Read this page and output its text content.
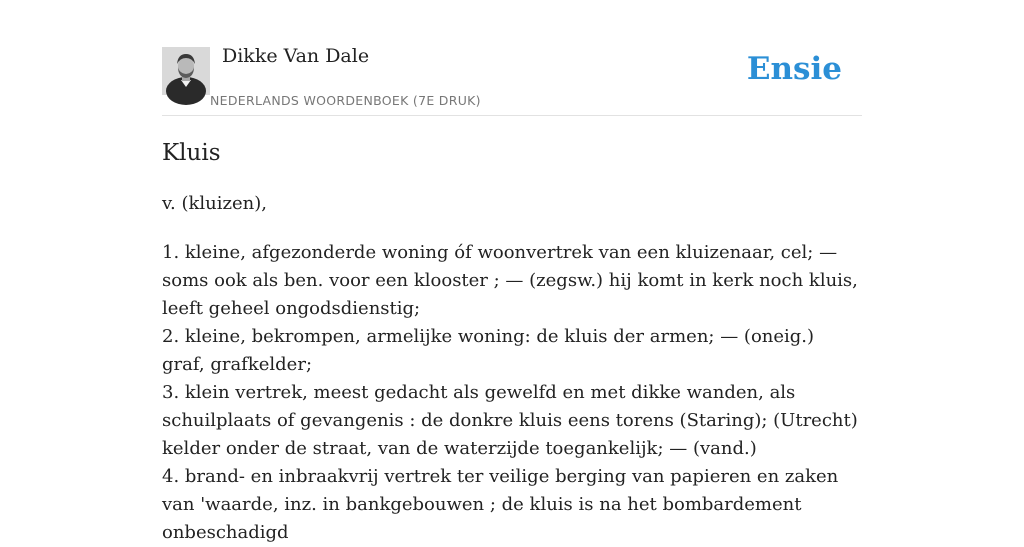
Dikke Van Dale
NEDERLANDS WOORDENBOEK (7E DRUK)
Ensie
Kluis
v. (kluizen),

1. kleine, afgezonderde woning óf woonvertrek van een kluizenaar, cel; — soms ook als ben. voor een klooster ; — (zegsw.) hij komt in kerk noch kluis, leeft geheel ongodsdienstig;

2. kleine, bekrompen, armelijke woning: de kluis der armen; — (oneig.) graf, grafkelder;

3. klein vertrek, meest gedacht als gewelfd en met dikke wanden, als schuilplaats of gevangenis : de donkre kluis eens torens (Staring); (Utrecht) kelder onder de straat, van de waterzijde toegankelijk; — (vand.)

4. brand- en inbraakvrij vertrek ter veilige berging van papieren en zaken van 'waarde, inz. in bankgebouwen ; de kluis is na het bombardement onbeschadigd
